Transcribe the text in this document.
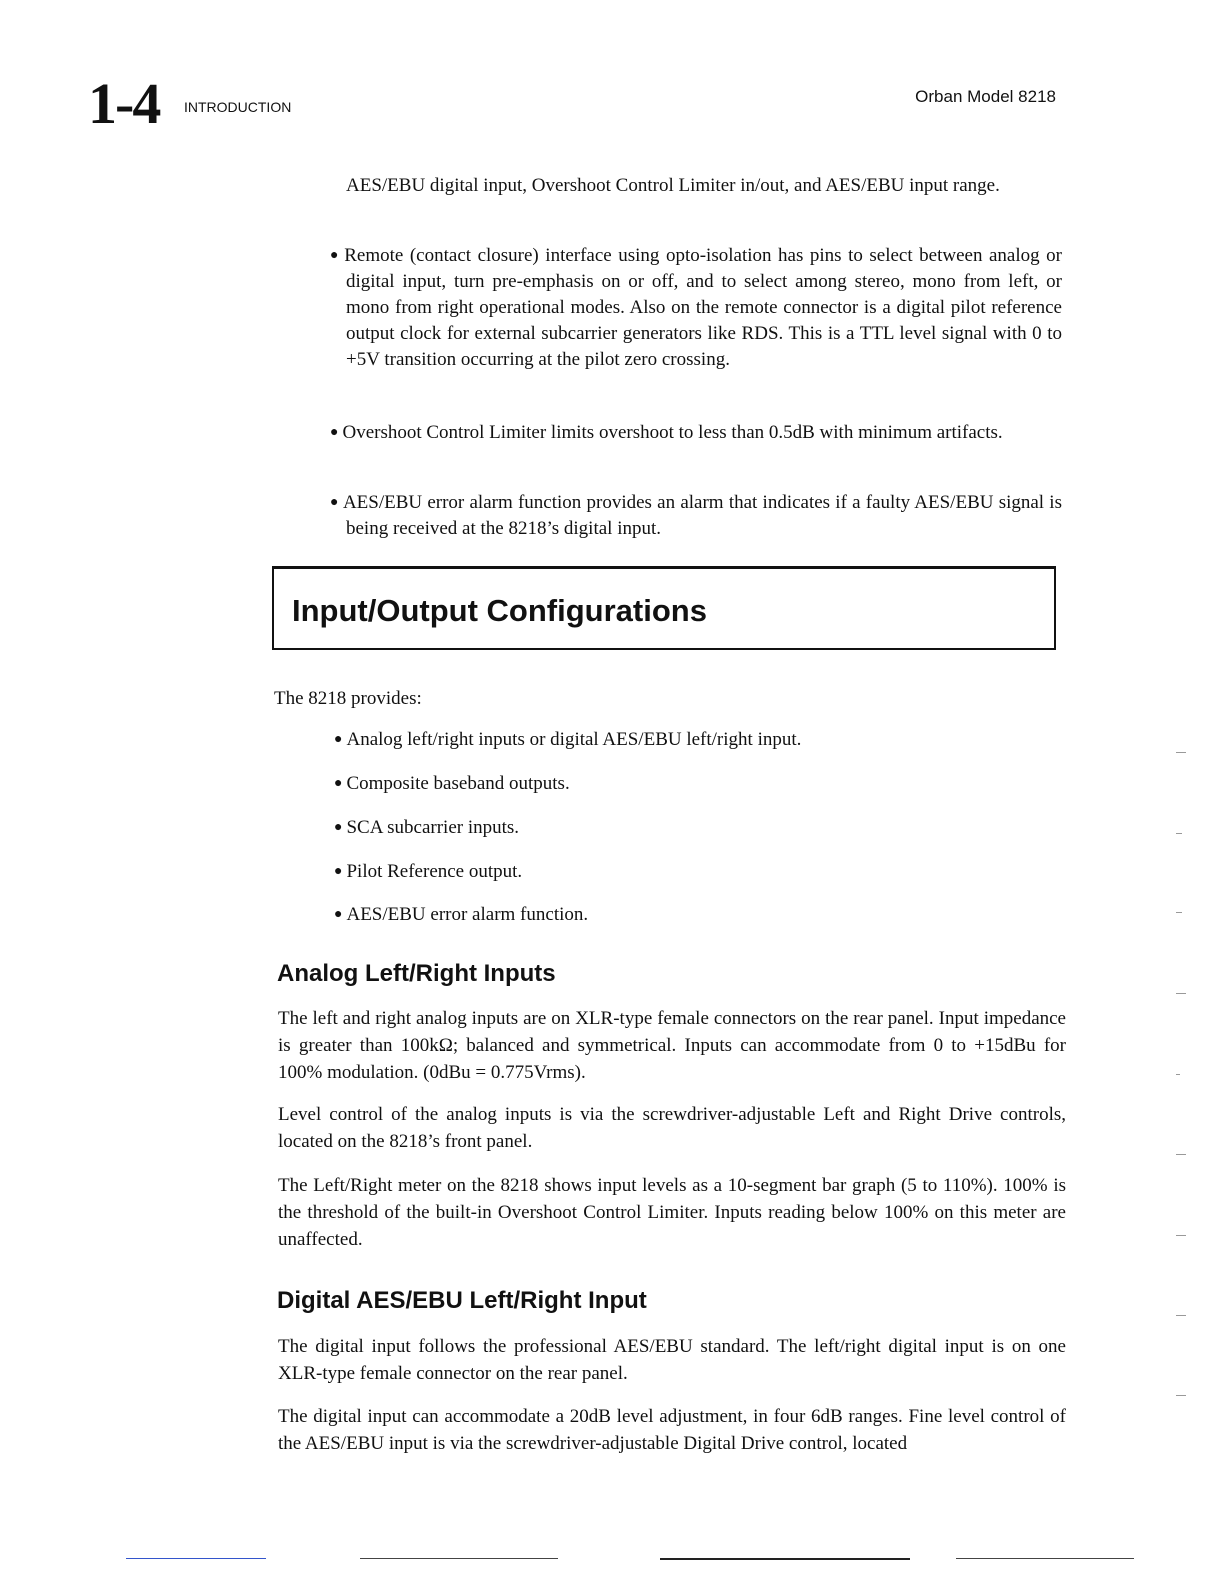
1-4 INTRODUCTION
Orban Model 8218
AES/EBU digital input, Overshoot Control Limiter in/out, and AES/EBU input range.
● Remote (contact closure) interface using opto-isolation has pins to select between analog or digital input, turn pre-emphasis on or off, and to select among stereo, mono from left, or mono from right operational modes. Also on the remote connector is a digital pilot reference output clock for external subcarrier generators like RDS. This is a TTL level signal with 0 to +5V transition occurring at the pilot zero crossing.
● Overshoot Control Limiter limits overshoot to less than 0.5dB with minimum artifacts.
● AES/EBU error alarm function provides an alarm that indicates if a faulty AES/EBU signal is being received at the 8218’s digital input.
Input/Output Configurations
The 8218 provides:
● Analog left/right inputs or digital AES/EBU left/right input.
● Composite baseband outputs.
● SCA subcarrier inputs.
● Pilot Reference output.
● AES/EBU error alarm function.
Analog Left/Right Inputs
The left and right analog inputs are on XLR-type female connectors on the rear panel. Input impedance is greater than 100kΩ; balanced and symmetrical. Inputs can accommodate from 0 to +15dBu for 100% modulation. (0dBu = 0.775Vrms).
Level control of the analog inputs is via the screwdriver-adjustable Left and Right Drive controls, located on the 8218’s front panel.
The Left/Right meter on the 8218 shows input levels as a 10-segment bar graph (5 to 110%). 100% is the threshold of the built-in Overshoot Control Limiter. Inputs reading below 100% on this meter are unaffected.
Digital AES/EBU Left/Right Input
The digital input follows the professional AES/EBU standard. The left/right digital input is on one XLR-type female connector on the rear panel.
The digital input can accommodate a 20dB level adjustment, in four 6dB ranges. Fine level control of the AES/EBU input is via the screwdriver-adjustable Digital Drive control, located
